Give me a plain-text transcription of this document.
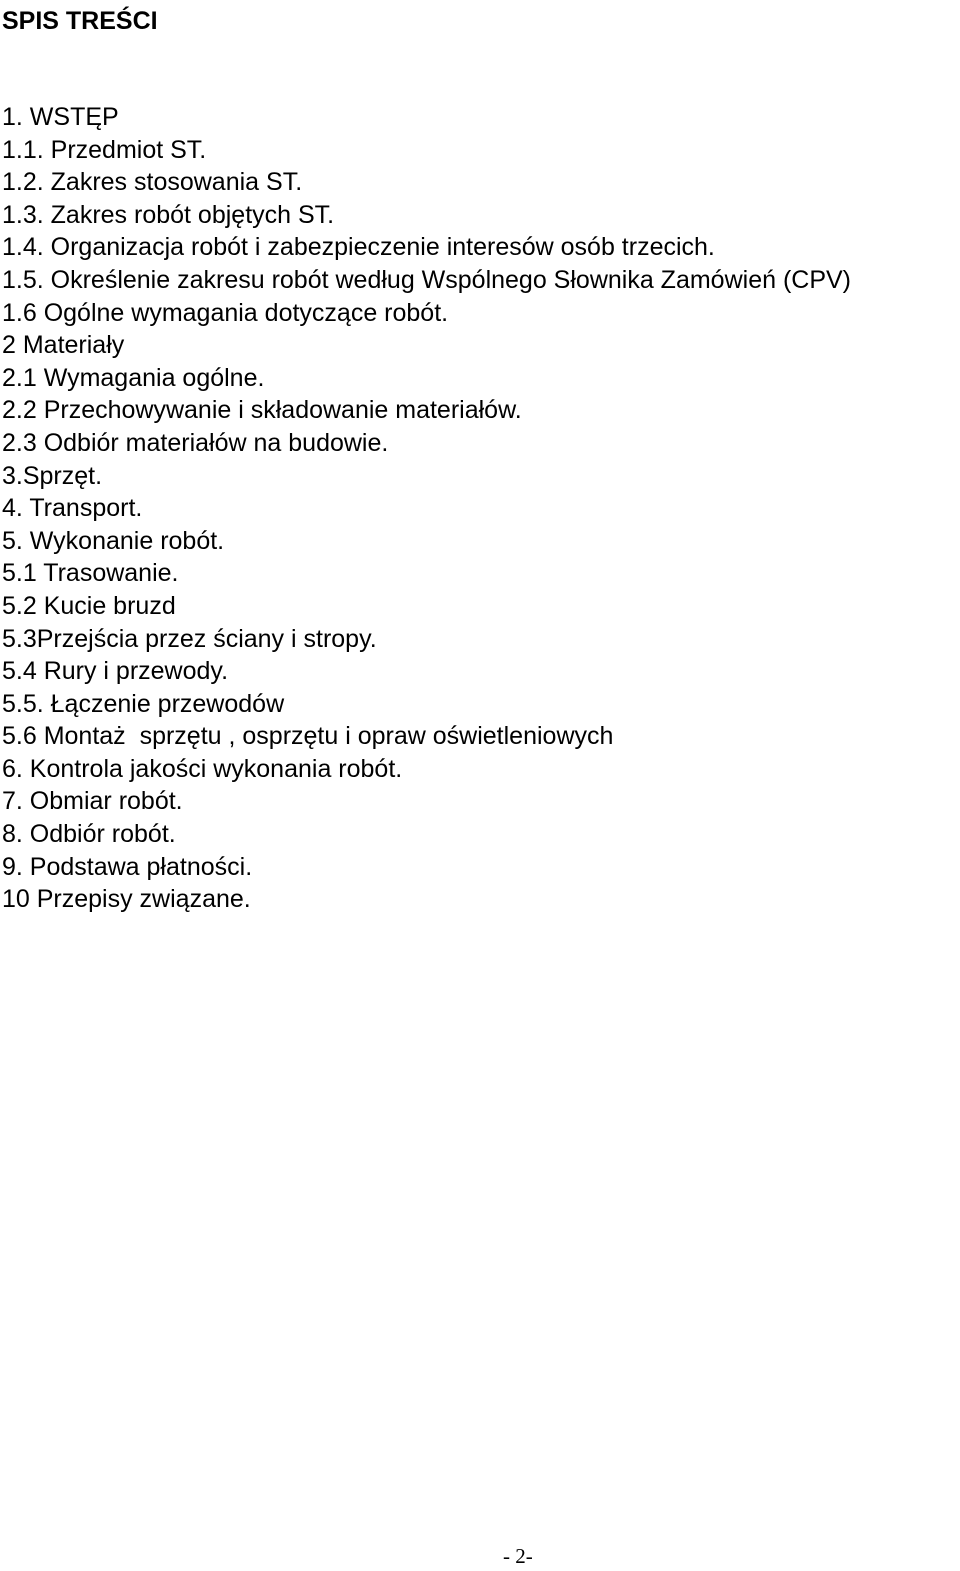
SPIS TREŚCI
1. WSTĘP
1.1. Przedmiot ST.
1.2. Zakres stosowania ST.
1.3. Zakres robót objętych ST.
1.4. Organizacja robót i zabezpieczenie interesów osób trzecich.
1.5. Określenie zakresu robót według Wspólnego Słownika Zamówień (CPV)
1.6 Ogólne wymagania dotyczące robót.
2 Materiały
2.1 Wymagania ogólne.
2.2 Przechowywanie i składowanie materiałów.
2.3 Odbiór materiałów na budowie.
3.Sprzęt.
4. Transport.
5. Wykonanie robót.
5.1 Trasowanie.
5.2 Kucie bruzd
5.3Przejścia przez ściany i stropy.
5.4 Rury i przewody.
5.5. Łączenie przewodów
5.6 Montaż  sprzętu , osprzętu i opraw oświetleniowych
6. Kontrola jakości wykonania robót.
7. Obmiar robót.
8. Odbiór robót.
9. Podstawa płatności.
10 Przepisy związane.
- 2-
